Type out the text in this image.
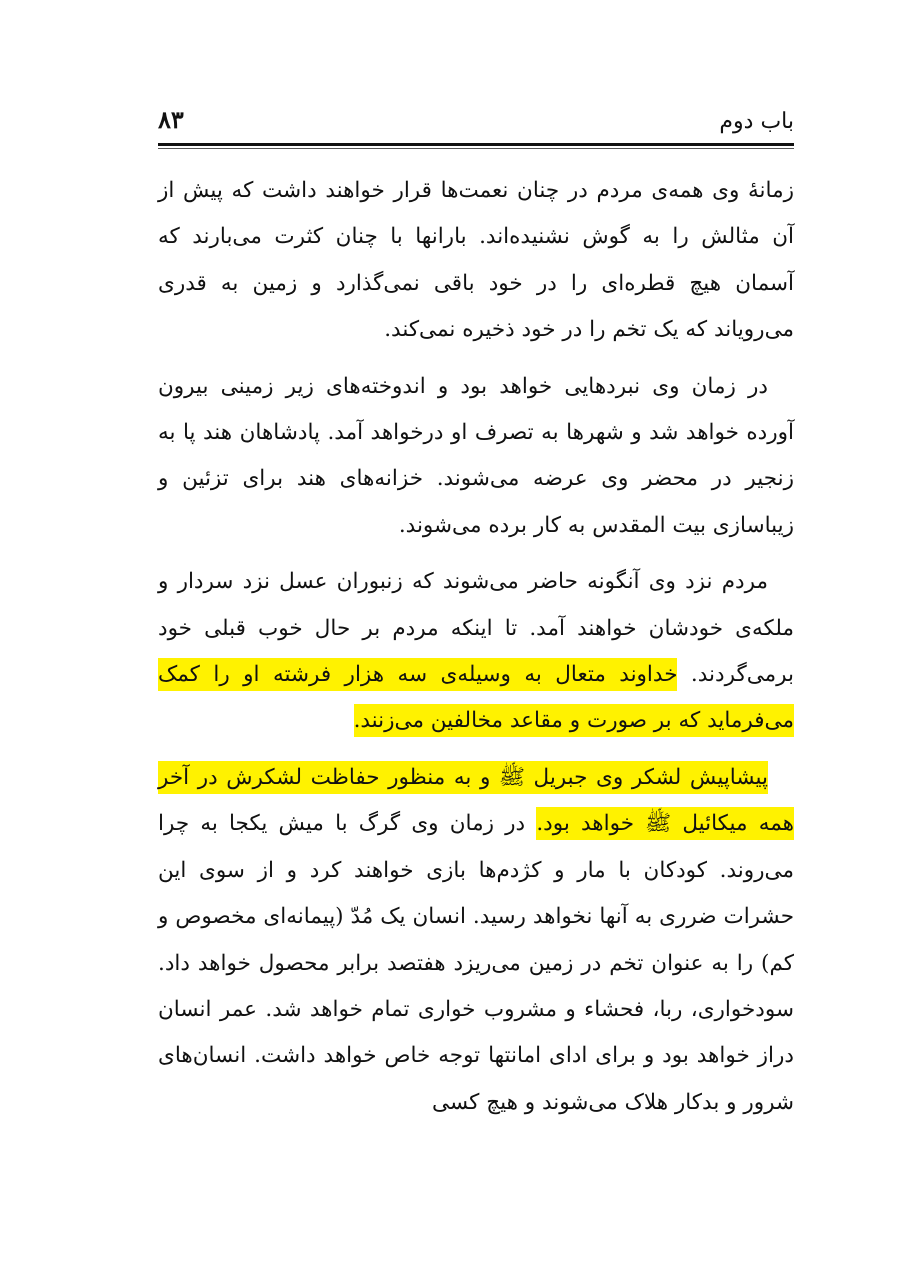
باب دوم
۸۳

زمانهٔ وی همه‌ی مردم در چنان نعمت‌ها قرار خواهند داشت که پیش از آن مثالش را به گوش نشنیده‌اند. بارانها با چنان کثرت می‌بارند که آسمان هیچ قطره‌ای را در خود باقی نمی‌گذارد و زمین به قدری می‌رویاند که یک تخم را در خود ذخیره نمی‌کند.

در زمان وی نبردهایی خواهد بود و اندوخته‌های زیر زمینی بیرون آورده خواهد شد و شهرها به تصرف او درخواهد آمد. پادشاهان هند پا به زنجیر در محضر وی عرضه می‌شوند. خزانه‌های هند برای تزئین و زیباسازی بیت المقدس به کار برده می‌شوند.

مردم نزد وی آنگونه حاضر می‌شوند که زنبوران عسل نزد سردار و ملکه‌ی خودشان خواهند آمد. تا اینکه مردم بر حال خوب قبلی خود برمی‌گردند. خداوند متعال به وسیله‌ی سه هزار فرشته او را کمک می‌فرماید که بر صورت و مقاعد مخالفین می‌زنند.

پیشاپیش لشکر وی جبریل ﷺ و به منظور حفاظت لشکرش در آخر همه میکائیل ﷺ خواهد بود. در زمان وی گرگ با میش یکجا به چرا می‌روند. کودکان با مار و کژدم‌ها بازی خواهند کرد و از سوی این حشرات ضرری به آنها نخواهد رسید. انسان یک مُدّ (پیمانه‌ای مخصوص و کم) را به عنوان تخم در زمین می‌ریزد هفتصد برابر محصول خواهد داد. سودخواری، ربا، فحشاء و مشروب خواری تمام خواهد شد. عمر انسان دراز خواهد بود و برای ادای امانتها توجه خاص خواهد داشت. انسان‌های شرور و بدکار هلاک می‌شوند و هیچ کسی
